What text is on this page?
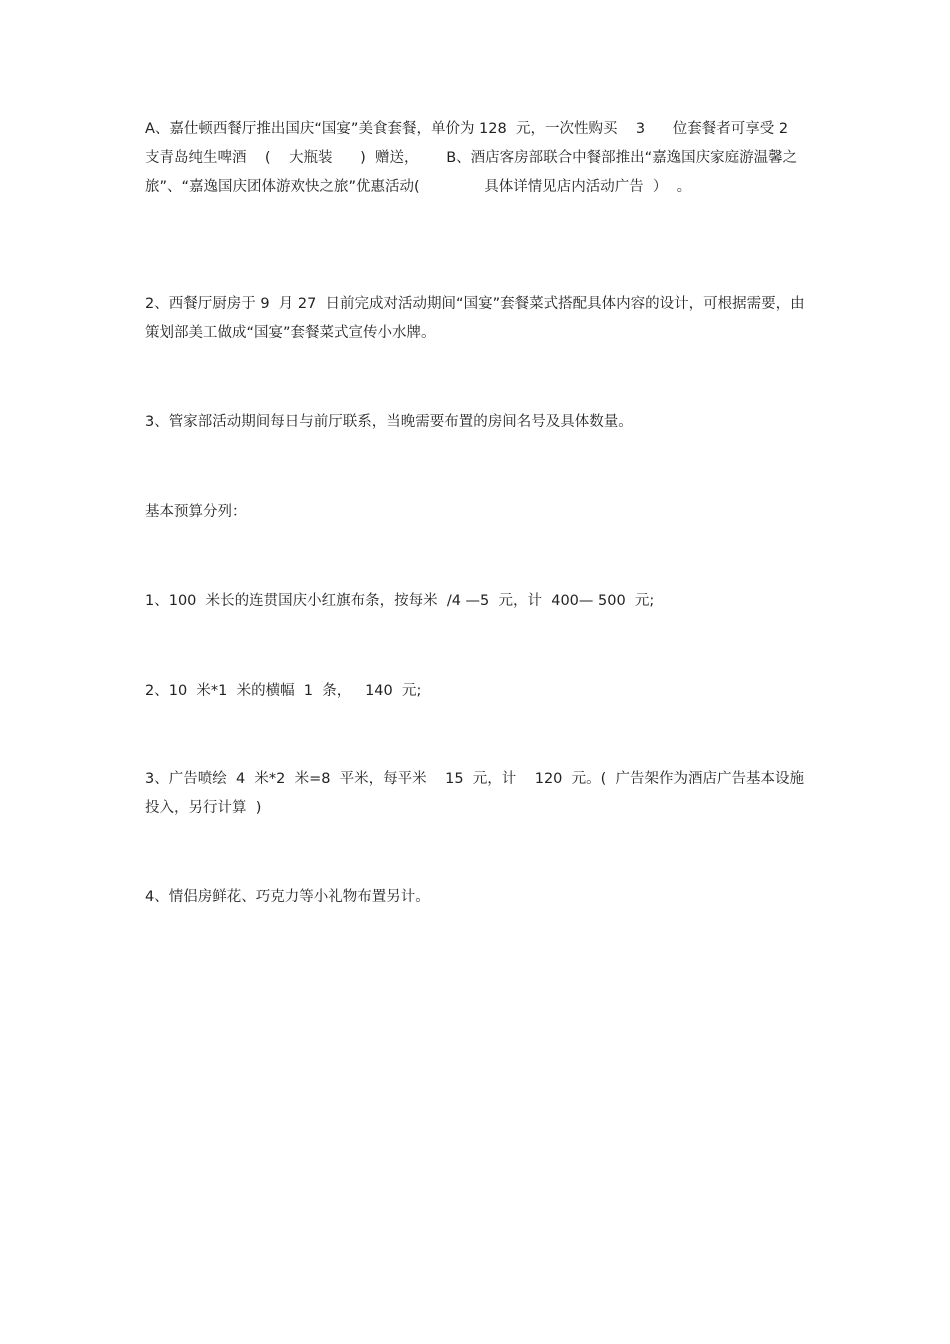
A、嘉仕顿西餐厅推出国庆“国宴”美食套餐，单价为 128  元，一次性购买    3      位套餐者可享受 2  支青岛纯生啤酒    (    大瓶装      )  赠送，      B、酒店客房部联合中餐部推出“嘉逸国庆家庭游温馨之旅”、“嘉逸国庆团体游欢快之旅”优惠活动(              具体详情见店内活动广告  ）  。

2、西餐厅厨房于 9  月 27  日前完成对活动期间“国宴”套餐菜式搭配具体内容的设计，可根据需要，由策划部美工做成“国宴”套餐菜式宣传小水牌。

3、管家部活动期间每日与前厅联系，当晚需要布置的房间名号及具体数量。

基本预算分列：

1、100  米长的连贯国庆小红旗布条，按每米  /4 —5  元，计  400— 500  元;

2、10  米*1  米的横幅  1  条，   140  元;

3、广告喷绘  4  米*2  米=8  平米，每平米    15  元，计    120  元。(  广告架作为酒店广告基本设施投入，另行计算  )

4、情侣房鲜花、巧克力等小礼物布置另计。
